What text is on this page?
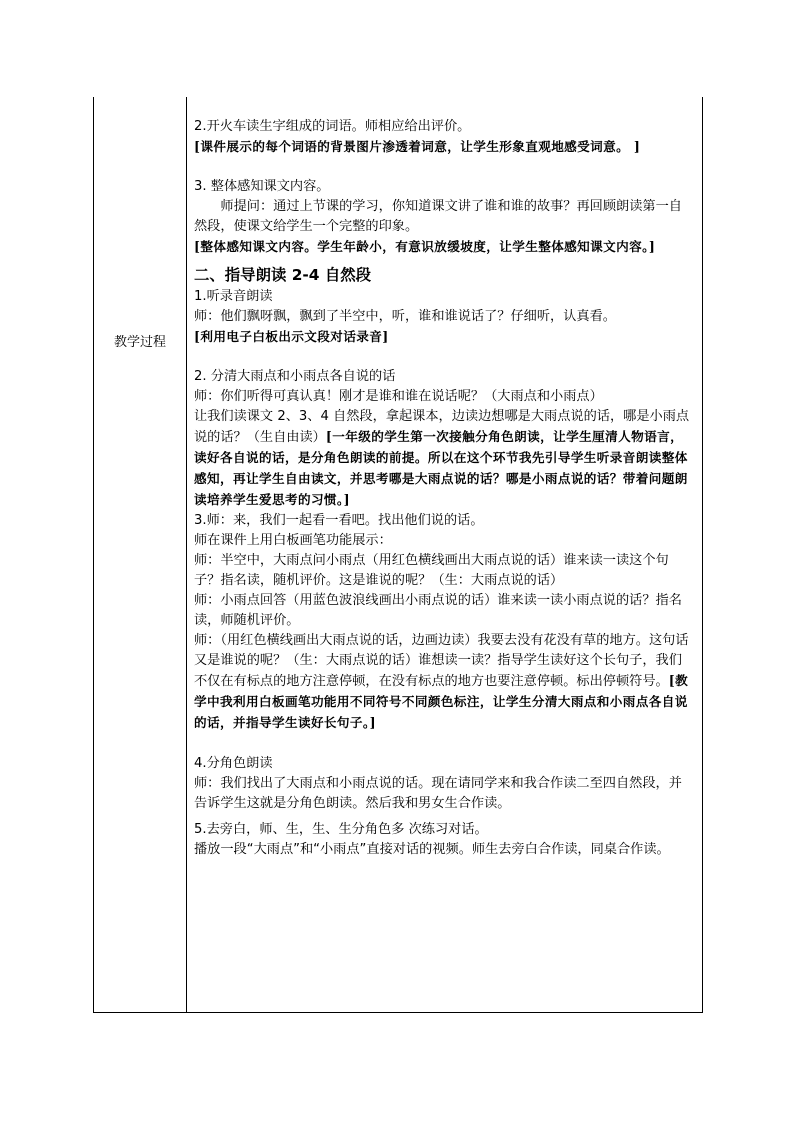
教学过程

2.开火车读生字组成的词语。师相应给出评价。

[课件展示的每个词语的背景图片渗透着词意，让学生形象直观地感受词意。 ]

3. 整体感知课文内容。

师提问：通过上节课的学习，你知道课文讲了谁和谁的故事？再回顾朗读第一自然段，使课文给学生一个完整的印象。

[整体感知课文内容。学生年龄小，有意识放缓坡度，让学生整体感知课文内容。]

二、指导朗读 2-4 自然段

1.听录音朗读

师：他们飘呀飘，飘到了半空中，听，谁和谁说话了？仔细听，认真看。

[利用电子白板出示文段对话录音]

2. 分清大雨点和小雨点各自说的话

师：你们听得可真认真！刚才是谁和谁在说话呢？（大雨点和小雨点）

让我们读课文 2、3、4 自然段，拿起课本，边读边想哪是大雨点说的话，哪是小雨点说的话？（生自由读）[一年级的学生第一次接触分角色朗读，让学生厘清人物语言，读好各自说的话，是分角色朗读的前提。所以在这个环节我先引导学生听录音朗读整体感知，再让学生自由读文，并思考哪是大雨点说的话？哪是小雨点说的话？带着问题朗读培养学生爱思考的习惯。]

3.师：来，我们一起看一看吧。找出他们说的话。

师在课件上用白板画笔功能展示：

师：半空中，大雨点问小雨点（用红色横线画出大雨点说的话）谁来读一读这个句子？指名读，随机评价。这是谁说的呢？（生：大雨点说的话）

师：小雨点回答（用蓝色波浪线画出小雨点说的话）谁来读一读小雨点说的话？指名读，师随机评价。

师：（用红色横线画出大雨点说的话，边画边读）我要去没有花没有草的地方。这句话又是谁说的呢？（生：大雨点说的话）谁想读一读？指导学生读好这个长句子，我们不仅在有标点的地方注意停顿，在没有标点的地方也要注意停顿。标出停顿符号。[教学中我利用白板画笔功能用不同符号不同颜色标注，让学生分清大雨点和小雨点各自说的话，并指导学生读好长句子。]

4.分角色朗读

师：我们找出了大雨点和小雨点说的话。现在请同学来和我合作读二至四自然段，并告诉学生这就是分角色朗读。然后我和男女生合作读。

5.去旁白，师、生，生、生分角色多 次练习对话。

播放一段“大雨点”和“小雨点”直接对话的视频。师生去旁白合作读，同桌合作读。
